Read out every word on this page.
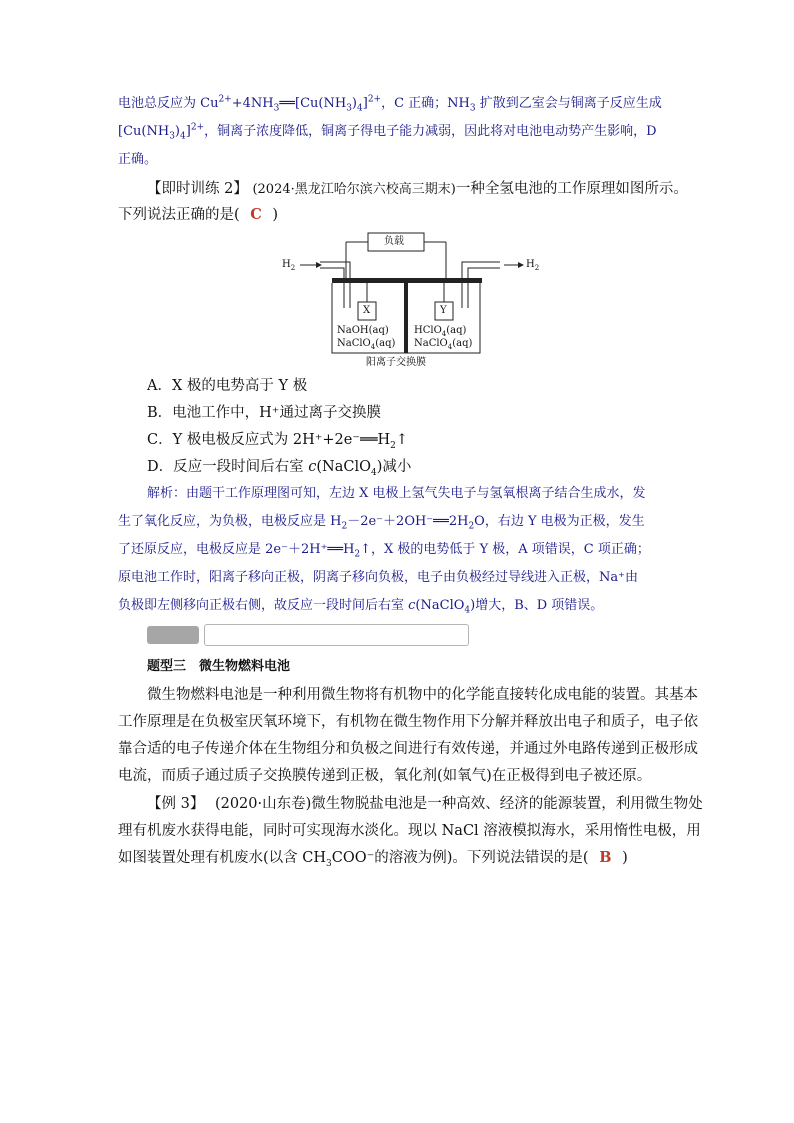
电池总反应为 $Cu^{2+}+4NH_3══[Cu(NH_3)_4]^{2+}$，C 正确；$NH_3$ 扩散到乙室会与铜离子反应生成
$[Cu(NH_3)_4]^{2+}$，铜离子浓度降低，铜离子得电子能力减弱，因此将对电池电动势产生影响，D
正确。
【即时训练 2】 (2024·黑龙江哈尔滨六校高三期末)一种全氢电池的工作原理如图所示。
下列说法正确的是( C )
$H_2$	$H_2$
负载
X	Y
NaOH(aq)
NaClO$_4$(aq)
HClO$_4$(aq)
NaClO$_4$(aq)
阳离子交换膜
A．X 极的电势高于 Y 极
B．电池工作中，H⁺通过离子交换膜
C．Y 极电极反应式为 $2H^++2e^-══H_2↑$
D．反应一段时间后右室 c(NaClO$_4$)减小
解析：由题干工作原理图可知，左边 X 电极上氢气失电子与氢氧根离子结合生成水，发
生了氧化反应，为负极，电极反应是 $H_2-2e^-+2OH^-══2H_2O$，右边 Y 电极为正极，发生
了还原反应，电极反应是 $2e^-+2H^+══H_2↑$，X 极的电势低于 Y 极，A 项错误，C 项正确；
原电池工作时，阳离子移向正极，阴离子移向负极，电子由负极经过导线进入正极，Na⁺由
负极即左侧移向正极右侧，故反应一段时间后右室 c(NaClO$_4$)增大，B、D 项错误。
题型三　微生物燃料电池
微生物燃料电池是一种利用微生物将有机物中的化学能直接转化成电能的装置。其基本
工作原理是在负极室厌氧环境下，有机物在微生物作用下分解并释放出电子和质子，电子依
靠合适的电子传递介体在生物组分和负极之间进行有效传递，并通过外电路传递到正极形成
电流，而质子通过质子交换膜传递到正极，氧化剂(如氧气)在正极得到电子被还原。
【例 3】 (2020·山东卷)微生物脱盐电池是一种高效、经济的能源装置，利用微生物处
理有机废水获得电能，同时可实现海水淡化。现以 NaCl 溶液模拟海水，采用惰性电极，用
如图装置处理有机废水(以含 $CH_3COO^-$的溶液为例)。下列说法错误的是( B )
